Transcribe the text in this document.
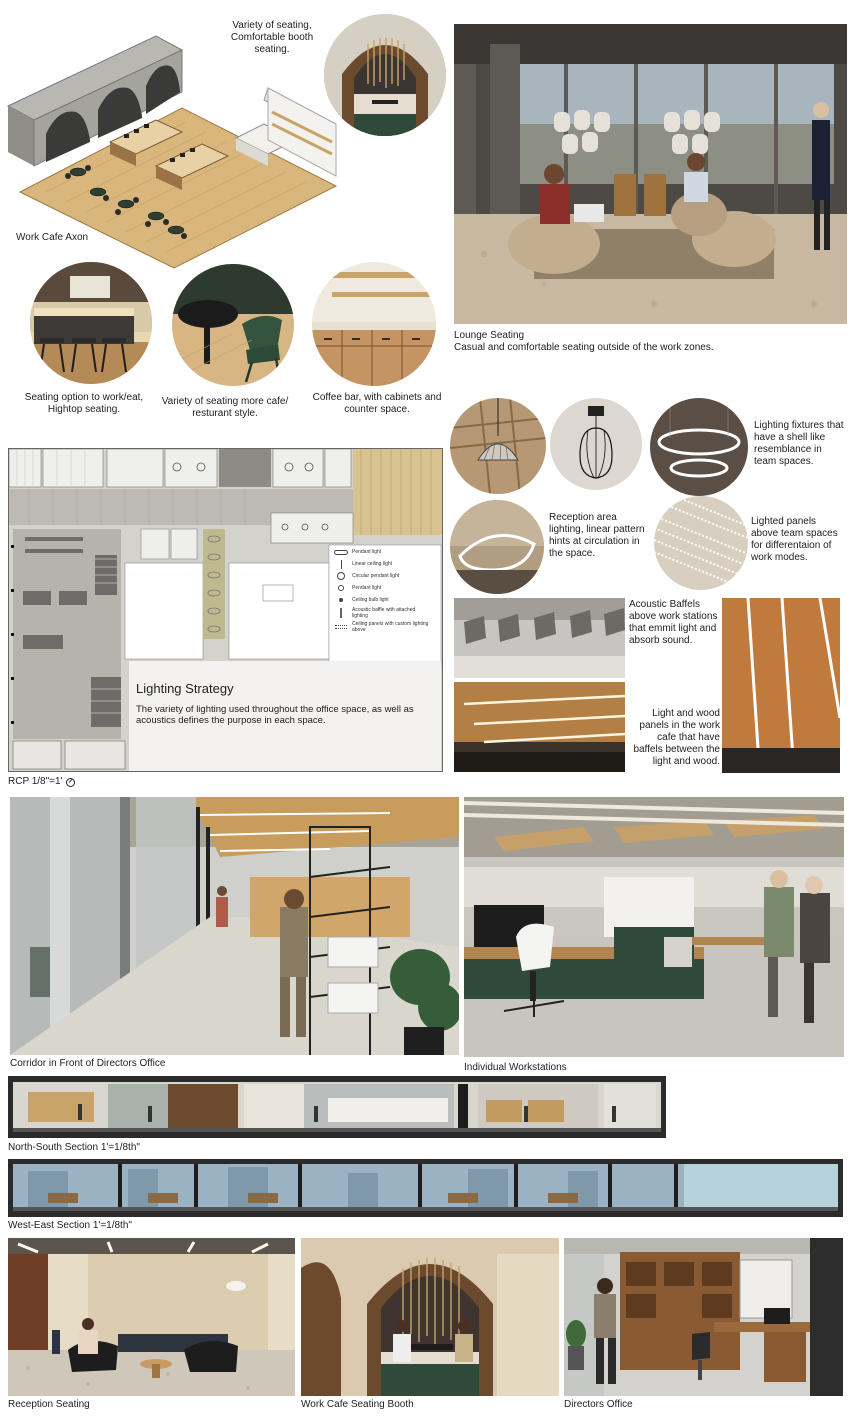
Work Cafe Axon
Variety of seating, Comfortable booth seating.
Lounge Seating
Casual and comfortable seating outside of the work zones.
Seating option to work/eat, Hightop seating.
Variety of seating more cafe/ resturant style.
Coffee bar, with cabinets and counter space.
Lighting fixtures that have a shell like resemblance in team spaces.
Reception area lighting, linear pattern hints at circulation in the space.
Lighted panels above team spaces for differentaion of work modes.
Acoustic Baffels above work stations that emmit light and absorb sound.
Light and wood panels in the work cafe that have baffels between the light and wood.
Pendant light
Linear ceiling light
Circular pendant light
Pendant light
Ceiling bulb light
Acoustic baffle with attached lighting
Ceiling panels with custom lighting above
Lighting Strategy
The variety of lighting used throughout the office space, as well as acoustics defines the purpose in each space.
RCP 1/8"=1'
Corridor in Front of Directors Office	Individual Workstations
North-South Section 1'=1/8th"
West-East Section 1'=1/8th"
Reception Seating	Work Cafe Seating Booth	Directors Office
